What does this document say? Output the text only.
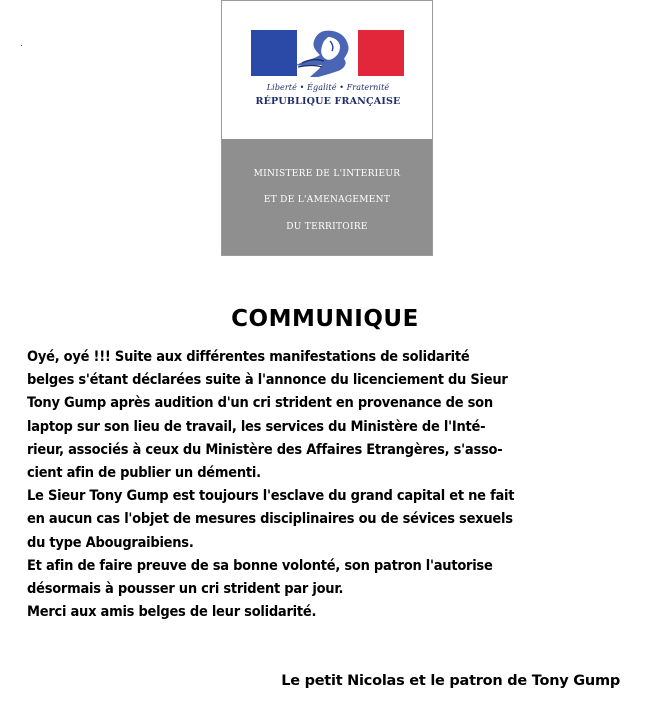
Liberté • Égalité • Fraternité
RÉPUBLIQUE FRANÇAISE
MINISTERE DE L'INTERIEUR
ET DE L'AMENAGEMENT
DU TERRITOIRE
COMMUNIQUE
Oyé, oyé !!! Suite aux différentes manifestations de solidarité
belges s'étant déclarées suite à l'annonce du licenciement du Sieur
Tony Gump après audition d'un cri strident en provenance de son
laptop sur son lieu de travail, les services du Ministère de l'Inté-
rieur, associés à ceux du Ministère des Affaires Etrangères, s'asso-
cient afin de publier un démenti.
Le Sieur Tony Gump est toujours l'esclave du grand capital et ne fait
en aucun cas l'objet de mesures disciplinaires ou de sévices sexuels
du type Abougraibiens.
Et afin de faire preuve de sa bonne volonté, son patron l'autorise
désormais à pousser un cri strident par jour.
Merci aux amis belges de leur solidarité.
Le petit Nicolas et le patron de Tony Gump
